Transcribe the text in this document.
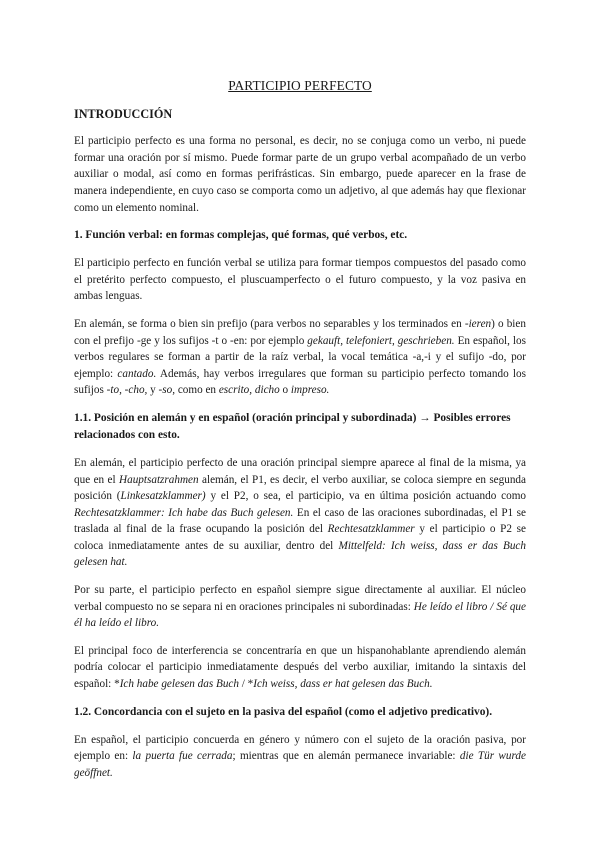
PARTICIPIO PERFECTO
INTRODUCCIÓN

El participio perfecto es una forma no personal, es decir, no se conjuga como un verbo, ni puede formar una oración por sí mismo. Puede formar parte de un grupo verbal acompañado de un verbo auxiliar o modal, así como en formas perifrásticas. Sin embargo, puede aparecer en la frase de manera independiente, en cuyo caso se comporta como un adjetivo, al que además hay que flexionar como un elemento nominal.

1. Función verbal: en formas complejas, qué formas, qué verbos, etc.

El participio perfecto en función verbal se utiliza para formar tiempos compuestos del pasado como el pretérito perfecto compuesto, el pluscuamperfecto o el futuro compuesto, y la voz pasiva en ambas lenguas.

En alemán, se forma o bien sin prefijo (para verbos no separables y los terminados en -ieren) o bien con el prefijo -ge y los sufijos -t o -en: por ejemplo gekauft, telefoniert, geschrieben. En español, los verbos regulares se forman a partir de la raíz verbal, la vocal temática -a,-i y el sufijo -do, por ejemplo: cantado. Además, hay verbos irregulares que forman su participio perfecto tomando los sufijos -to, -cho, y -so, como en escrito, dicho o impreso.

1.1. Posición en alemán y en español (oración principal y subordinada) → Posibles errores relacionados con esto.

En alemán, el participio perfecto de una oración principal siempre aparece al final de la misma, ya que en el Hauptsatzrahmen alemán, el P1, es decir, el verbo auxiliar, se coloca siempre en segunda posición (Linkesatzklammer) y el P2, o sea, el participio, va en última posición actuando como Rechtesatzklammer: Ich habe das Buch gelesen. En el caso de las oraciones subordinadas, el P1 se traslada al final de la frase ocupando la posición del Rechtesatzklammer y el participio o P2 se coloca inmediatamente antes de su auxiliar, dentro del Mittelfeld: Ich weiss, dass er das Buch gelesen hat.

Por su parte, el participio perfecto en español siempre sigue directamente al auxiliar. El núcleo verbal compuesto no se separa ni en oraciones principales ni subordinadas: He leído el libro / Sé que él ha leído el libro.

El principal foco de interferencia se concentraría en que un hispanohablante aprendiendo alemán podría colocar el participio inmediatamente después del verbo auxiliar, imitando la sintaxis del español: *Ich habe gelesen das Buch / *Ich weiss, dass er hat gelesen das Buch.

1.2. Concordancia con el sujeto en la pasiva del español (como el adjetivo predicativo).

En español, el participio concuerda en género y número con el sujeto de la oración pasiva, por ejemplo en: la puerta fue cerrada; mientras que en alemán permanece invariable: die Tür wurde geöffnet.
